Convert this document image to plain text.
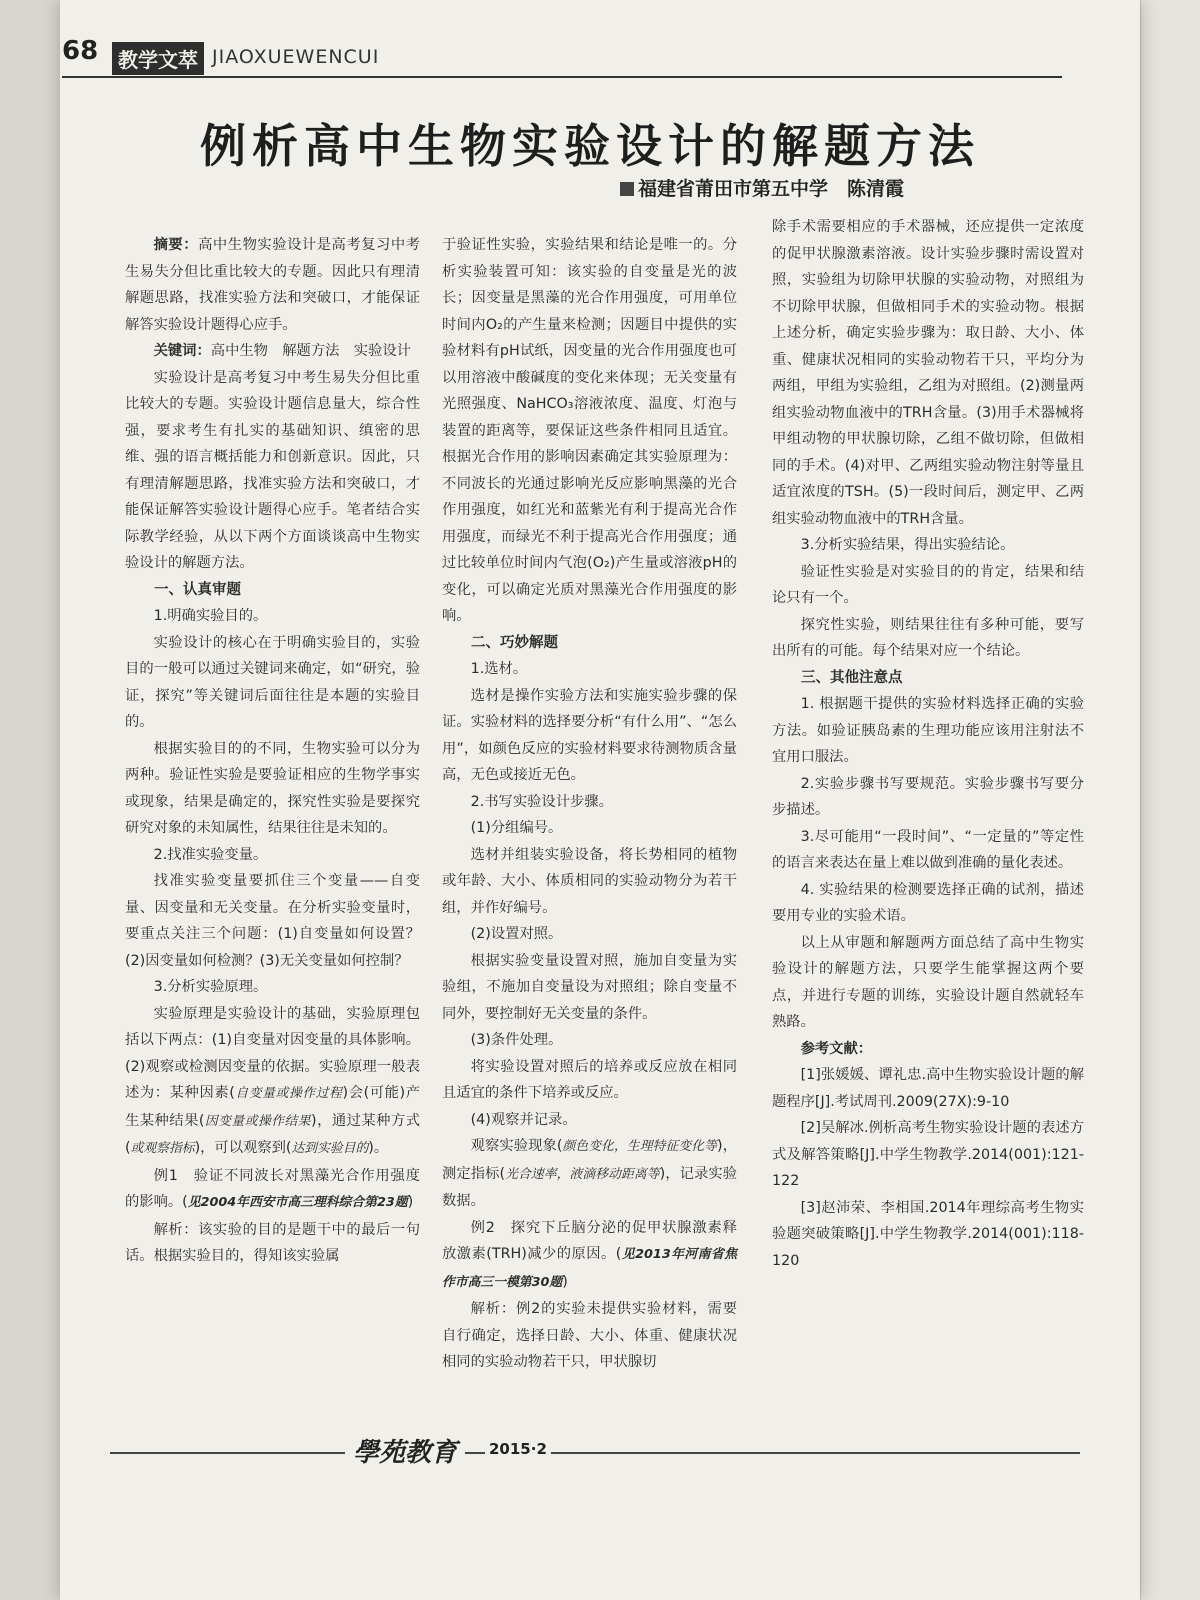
68 教学文萃 JIAOXUEWENCUI
例析高中生物实验设计的解题方法
福建省莆田市第五中学　陈清霞

摘要：高中生物实验设计是高考复习中考生易失分但比重比较大的专题。因此只有理清解题思路，找准实验方法和突破口，才能保证解答实验设计题得心应手。

关键词：高中生物　解题方法　实验设计

实验设计是高考复习中考生易失分但比重比较大的专题。实验设计题信息量大，综合性强，要求考生有扎实的基础知识、缜密的思维、强的语言概括能力和创新意识。因此，只有理清解题思路，找准实验方法和突破口，才能保证解答实验设计题得心应手。笔者结合实际教学经验，从以下两个方面谈谈高中生物实验设计的解题方法。

一、认真审题

1.明确实验目的。

实验设计的核心在于明确实验目的，实验目的一般可以通过关键词来确定，如“研究，验证，探究”等关键词后面往往是本题的实验目的。

根据实验目的的不同，生物实验可以分为两种。验证性实验是要验证相应的生物学事实或现象，结果是确定的，探究性实验是要探究研究对象的未知属性，结果往往是未知的。

2.找准实验变量。

找准实验变量要抓住三个变量——自变量、因变量和无关变量。在分析实验变量时，要重点关注三个问题：(1)自变量如何设置？(2)因变量如何检测？(3)无关变量如何控制？

3.分析实验原理。

实验原理是实验设计的基础，实验原理包括以下两点：(1)自变量对因变量的具体影响。(2)观察或检测因变量的依据。实验原理一般表述为：某种因素(自变量或操作过程)会(可能)产生某种结果(因变量或操作结果)，通过某种方式(或观察指标)，可以观察到(达到实验目的)。

例1　验证不同波长对黑藻光合作用强度的影响。(见2004年西安市高三理科综合第23题)

解析：该实验的目的是题干中的最后一句话。根据实验目的，得知该实验属

于验证性实验，实验结果和结论是唯一的。分析实验装置可知：该实验的自变量是光的波长；因变量是黑藻的光合作用强度，可用单位时间内O₂的产生量来检测；因题目中提供的实验材料有pH试纸，因变量的光合作用强度也可以用溶液中酸碱度的变化来体现；无关变量有光照强度、NaHCO₃溶液浓度、温度、灯泡与装置的距离等，要保证这些条件相同且适宜。根据光合作用的影响因素确定其实验原理为：不同波长的光通过影响光反应影响黑藻的光合作用强度，如红光和蓝紫光有利于提高光合作用强度，而绿光不利于提高光合作用强度；通过比较单位时间内气泡(O₂)产生量或溶液pH的变化，可以确定光质对黑藻光合作用强度的影响。

二、巧妙解题

1.选材。

选材是操作实验方法和实施实验步骤的保证。实验材料的选择要分析“有什么用”、“怎么用”，如颜色反应的实验材料要求待测物质含量高，无色或接近无色。

2.书写实验设计步骤。

(1)分组编号。

选材并组装实验设备，将长势相同的植物或年龄、大小、体质相同的实验动物分为若干组，并作好编号。

(2)设置对照。

根据实验变量设置对照，施加自变量为实验组，不施加自变量设为对照组；除自变量不同外，要控制好无关变量的条件。

(3)条件处理。

将实验设置对照后的培养或反应放在相同且适宜的条件下培养或反应。

(4)观察并记录。

观察实验现象(颜色变化，生理特征变化等)，测定指标(光合速率，液滴移动距离等)，记录实验数据。

例2　探究下丘脑分泌的促甲状腺激素释放激素(TRH)减少的原因。(见2013年河南省焦作市高三一模第30题)

解析：例2的实验未提供实验材料，需要自行确定，选择日龄、大小、体重、健康状况相同的实验动物若干只，甲状腺切

除手术需要相应的手术器械，还应提供一定浓度的促甲状腺激素溶液。设计实验步骤时需设置对照，实验组为切除甲状腺的实验动物，对照组为不切除甲状腺，但做相同手术的实验动物。根据上述分析，确定实验步骤为：取日龄、大小、体重、健康状况相同的实验动物若干只，平均分为两组，甲组为实验组，乙组为对照组。(2)测量两组实验动物血液中的TRH含量。(3)用手术器械将甲组动物的甲状腺切除，乙组不做切除，但做相同的手术。(4)对甲、乙两组实验动物注射等量且适宜浓度的TSH。(5)一段时间后，测定甲、乙两组实验动物血液中的TRH含量。

3.分析实验结果，得出实验结论。

验证性实验是对实验目的的肯定，结果和结论只有一个。

探究性实验，则结果往往有多种可能，要写出所有的可能。每个结果对应一个结论。

三、其他注意点

1. 根据题干提供的实验材料选择正确的实验方法。如验证胰岛素的生理功能应该用注射法不宜用口服法。

2.实验步骤书写要规范。实验步骤书写要分步描述。

3.尽可能用“一段时间”、“一定量的”等定性的语言来表达在量上难以做到准确的量化表述。

4. 实验结果的检测要选择正确的试剂，描述要用专业的实验术语。

以上从审题和解题两方面总结了高中生物实验设计的解题方法，只要学生能掌握这两个要点，并进行专题的训练，实验设计题自然就轻车熟路。

参考文献：

[1]张媛媛、谭礼忠.高中生物实验设计题的解题程序[J].考试周刊.2009(27X):9-10

[2]吴解冰.例析高考生物实验设计题的表述方式及解答策略[J].中学生物教学.2014(001):121-122

[3]赵沛荣、李相国.2014年理综高考生物实验题突破策略[J].中学生物教学.2014(001):118-120

學苑教育	2015·2
